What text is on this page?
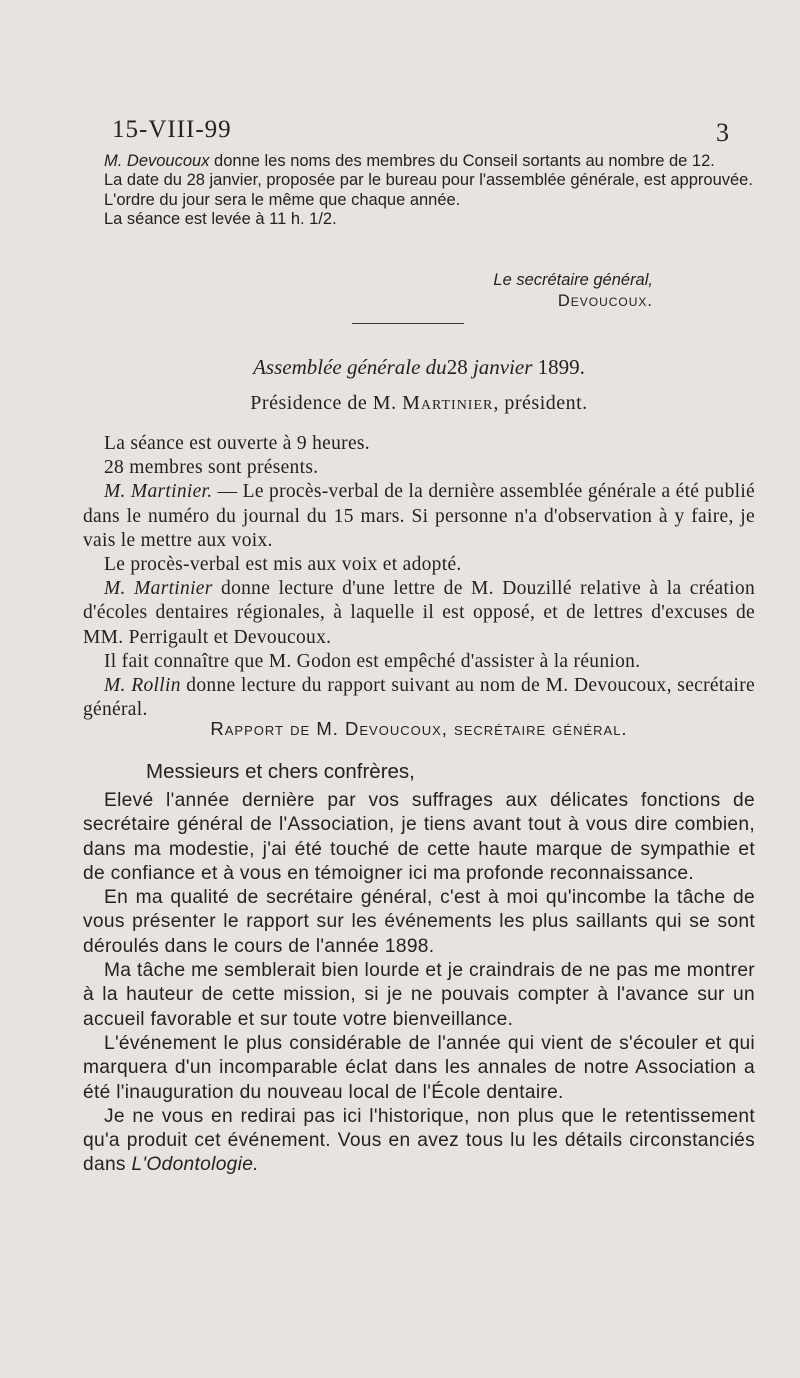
15-VIII-99	3

M. Devoucoux donne les noms des membres du Conseil sortants au nombre de 12.

La date du 28 janvier, proposée par le bureau pour l'assemblée générale, est approuvée.

L'ordre du jour sera le même que chaque année.

La séance est levée à 11 h. 1/2.

Le secrétaire général,
Devoucoux.
Assemblée générale du28 janvier 1899.
Présidence de M. Martinier, président.

La séance est ouverte à 9 heures.

28 membres sont présents.

M. Martinier. — Le procès-verbal de la dernière assemblée générale a été publié dans le numéro du journal du 15 mars. Si personne n'a d'observation à y faire, je vais le mettre aux voix.

Le procès-verbal est mis aux voix et adopté.

M. Martinier donne lecture d'une lettre de M. Douzillé relative à la création d'écoles dentaires régionales, à laquelle il est opposé, et de lettres d'excuses de MM. Perrigault et Devoucoux.

Il fait connaître que M. Godon est empêché d'assister à la réunion.

M. Rollin donne lecture du rapport suivant au nom de M. Devoucoux, secrétaire général.

Rapport de M. Devoucoux, secrétaire général.
Messieurs et chers confrères,

Elevé l'année dernière par vos suffrages aux délicates fonctions de secrétaire général de l'Association, je tiens avant tout à vous dire combien, dans ma modestie, j'ai été touché de cette haute marque de sympathie et de confiance et à vous en témoigner ici ma profonde reconnaissance.

En ma qualité de secrétaire général, c'est à moi qu'incombe la tâche de vous présenter le rapport sur les événements les plus saillants qui se sont déroulés dans le cours de l'année 1898.

Ma tâche me semblerait bien lourde et je craindrais de ne pas me montrer à la hauteur de cette mission, si je ne pouvais compter à l'avance sur un accueil favorable et sur toute votre bienveillance.

L'événement le plus considérable de l'année qui vient de s'écouler et qui marquera d'un incomparable éclat dans les annales de notre Association a été l'inauguration du nouveau local de l'École dentaire.

Je ne vous en redirai pas ici l'historique, non plus que le retentissement qu'a produit cet événement. Vous en avez tous lu les détails circonstanciés dans L'Odontologie.
